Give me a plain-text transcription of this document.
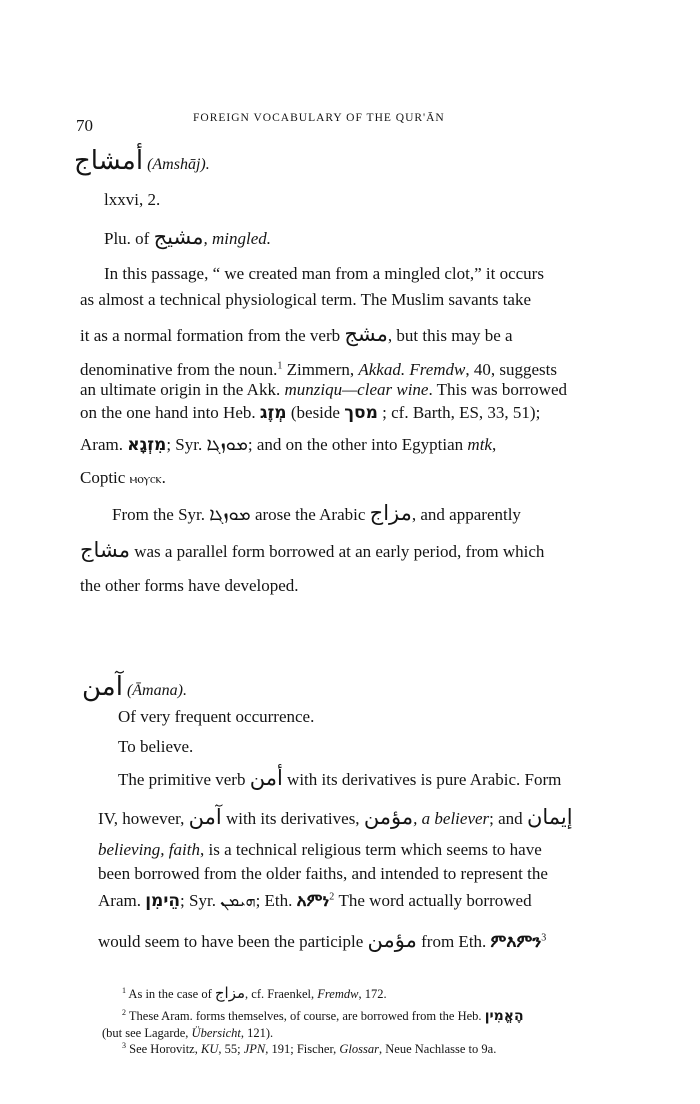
70	FOREIGN VOCABULARY OF THE QUR'ĀN
أمشاج (Amshāj).
lxxvi, 2.
Plu. of مشيج, mingled.
In this passage, “ we created man from a mingled clot,” it occurs
as almost a technical physiological term. The Muslim savants take
it as a normal formation from the verb مشج, but this may be a
denominative from the noun.$^1$ Zimmern, Akkad. Fremdw, 40, suggests
an ultimate origin in the Akk. munziqu—clear wine. This was borrowed
on the one hand into Heb. מְזֶג (beside מסך ; cf. Barth, ES, 33, 51);
Aram. מִזְגָא; Syr. ܡܘܙܓܐ; and on the other into Egyptian mtk,
Coptic ⲙⲟⲩⲥⲕ.
From the Syr. ܡܘܙܓܐ arose the Arabic مزاج, and apparently
مشاج was a parallel form borrowed at an early period, from which
the other forms have developed.
آمن (Āmana).
Of very frequent occurrence.
To believe.
The primitive verb أمن with its derivatives is pure Arabic. Form
IV, however, آمن with its derivatives, مؤمن, a believer; and إيمان
believing, faith, is a technical religious term which seems to have
been borrowed from the older faiths, and intended to represent the
Aram. הֵימִן; Syr. ܗܝܡܢ; Eth. አምነ$^2$ The word actually borrowed
would seem to have been the participle مؤمن from Eth. ምእምን$^3$
$^1$ As in the case of مزاج, cf. Fraenkel, Fremdw, 172.
$^2$ These Aram. forms themselves, of course, are borrowed from the Heb. הֶאֱמִין
(but see Lagarde, Übersicht, 121).
$^3$ See Horovitz, KU, 55; JPN, 191; Fischer, Glossar, Neue Nachlasse to 9a.
